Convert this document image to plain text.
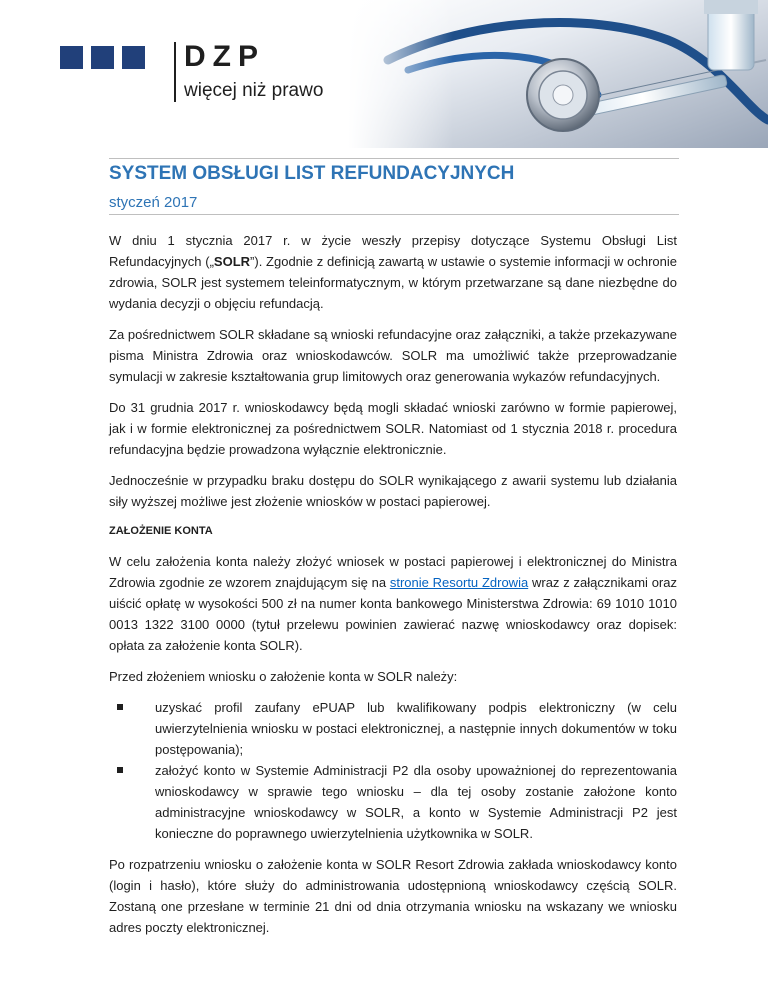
DZP
więcej niż prawo
SYSTEM OBSŁUGI LIST REFUNDACYJNYCH
styczeń 2017

W dniu 1 stycznia 2017 r. w życie weszły przepisy dotyczące Systemu Obsługi List Refundacyjnych („SOLR”). Zgodnie z definicją zawartą w ustawie o systemie informacji w ochronie zdrowia, SOLR jest systemem teleinformatycznym, w którym przetwarzane są dane niezbędne do wydania decyzji o objęciu refundacją.

Za pośrednictwem SOLR składane są wnioski refundacyjne oraz załączniki, a także przekazywane pisma Ministra Zdrowia oraz wnioskodawców. SOLR ma umożliwić także przeprowadzanie symulacji w zakresie kształtowania grup limitowych oraz generowania wykazów refundacyjnych.

Do 31 grudnia 2017 r. wnioskodawcy będą mogli składać wnioski zarówno w formie papierowej, jak i w formie elektronicznej za pośrednictwem SOLR. Natomiast od 1 stycznia 2018 r. procedura refundacyjna będzie prowadzona wyłącznie elektronicznie.

Jednocześnie w przypadku braku dostępu do SOLR wynikającego z awarii systemu lub działania siły wyższej możliwe jest złożenie wniosków w postaci papierowej.

ZAŁOŻENIE KONTA

W celu założenia konta należy złożyć wniosek w postaci papierowej i elektronicznej do Ministra Zdrowia zgodnie ze wzorem znajdującym się na stronie Resortu Zdrowia wraz z załącznikami oraz uiścić opłatę w wysokości 500 zł na numer konta bankowego Ministerstwa Zdrowia: 69 1010 1010 0013 1322 3100 0000 (tytuł przelewu powinien zawierać nazwę wnioskodawcy oraz dopisek: opłata za założenie konta SOLR).

Przed złożeniem wniosku o założenie konta w SOLR należy:

uzyskać profil zaufany ePUAP lub kwalifikowany podpis elektroniczny (w celu uwierzytelnienia wniosku w postaci elektronicznej, a następnie innych dokumentów w toku postępowania);
założyć konto w Systemie Administracji P2 dla osoby upoważnionej do reprezentowania wnioskodawcy w sprawie tego wniosku – dla tej osoby zostanie założone konto administracyjne wnioskodawcy w SOLR, a konto w Systemie Administracji P2 jest konieczne do poprawnego uwierzytelnienia użytkownika w SOLR.

Po rozpatrzeniu wniosku o założenie konta w SOLR Resort Zdrowia zakłada wnioskodawcy konto (login i hasło), które służy do administrowania udostępnioną wnioskodawcy częścią SOLR. Zostaną one przesłane w terminie 21 dni od dnia otrzymania wniosku na wskazany we wniosku adres poczty elektronicznej.
